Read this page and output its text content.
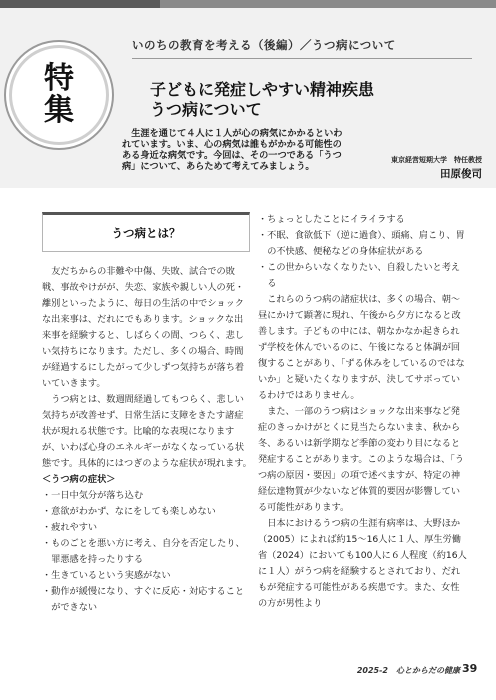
いのちの教育を考える（後編）／うつ病について
特
集
子どもに発症しやすい精神疾患
うつ病について
生涯を通じて４人に１人が心の病気にかかるといわれています。いま、心の病気は誰もがかかる可能性のある身近な病気です。今回は、その一つである「うつ病」について、あらためて考えてみましょう。
東京経営短期大学　特任教授
田原俊司
うつ病とは？

友だちからの非難や中傷、失敗、試合での敗戦、事故やけがが、失恋、家族や親しい人の死・離別といったように、毎日の生活の中でショックな出来事は、だれにでもあります。ショックな出来事を経験すると、しばらくの間、つらく、悲しい気持ちになります。ただし、多くの場合、時間が経過するにしたがって少しずつ気持ちが落ち着いていきます。

うつ病とは、数週間経過してもつらく、悲しい気持ちが改善せず、日常生活に支障をきたす諸症状が現れる状態です。比喩的な表現になりますが、いわば心身のエネルギーがなくなっている状態です。具体的にはつぎのような症状が現れます。

＜うつ病の症状＞

・一日中気分が落ち込む
・意欲がわかず、なにをしても楽しめない
・疲れやすい
・ものごとを悪い方に考え、自分を否定したり、罪悪感を持ったりする
・生きているという実感がない
・動作が緩慢になり、すぐに反応・対応することができない
・ちょっとしたことにイライラする
・不眠、食欲低下（逆に過食）、頭痛、肩こり、胃の不快感、便秘などの身体症状がある
・この世からいなくなりたい、自殺したいと考える

これらのうつ病の諸症状は、多くの場合、朝〜昼にかけて顕著に現れ、午後から夕方になると改善します。子どもの中には、朝なかなか起きられず学校を休んでいるのに、午後になると体調が回復することがあり、「ずる休みをしているのではないか」と疑いたくなりますが、決してサボっているわけではありません。

また、一部のうつ病はショックな出来事など発症のきっかけがとくに見当たらないまま、秋から冬、あるいは新学期など季節の変わり目になると発症することがあります。このような場合は、「うつ病の原因・要因」の項で述べますが、特定の神経伝達物質が少ないなど体質的要因が影響している可能性があります。

日本におけるうつ病の生涯有病率は、大野ほか（2005）によれば約15〜16人に１人、厚生労働省（2024）においても100人に６人程度（約16人に１人）がうつ病を経験するとされており、だれもが発症する可能性がある疾患です。また、女性の方が男性より

2025-2　心とからだの健康 39
